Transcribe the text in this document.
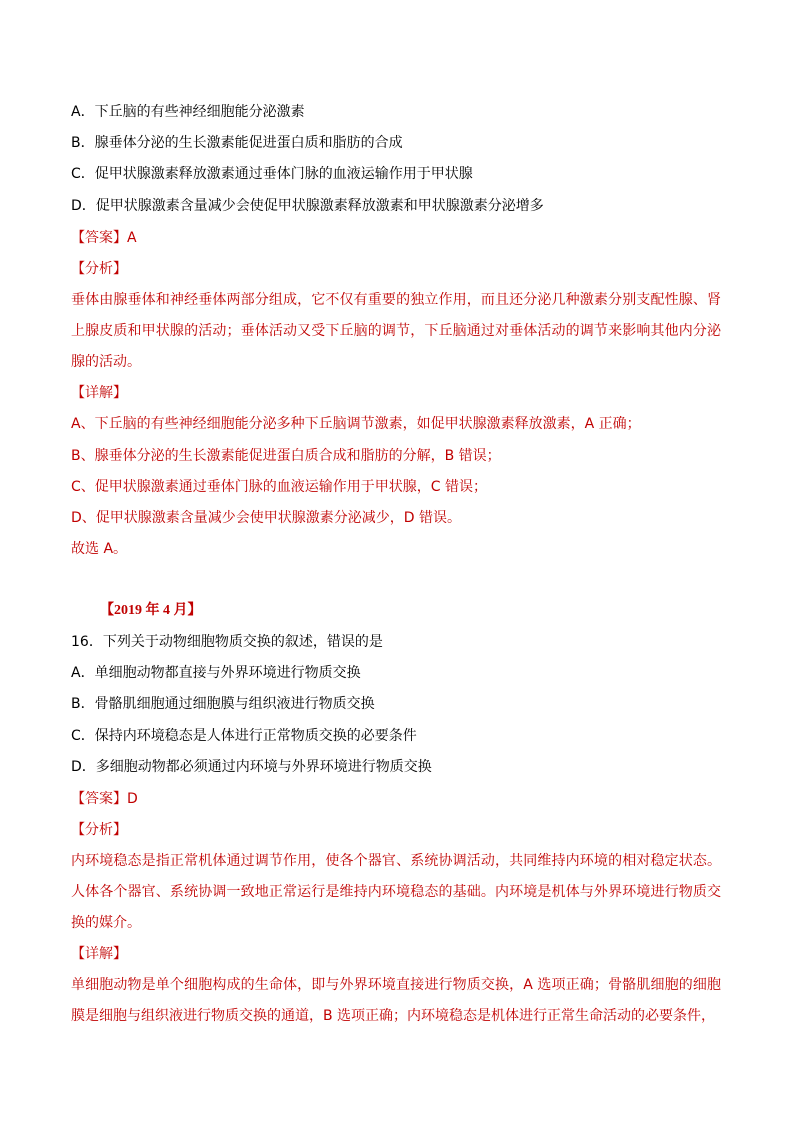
A．下丘脑的有些神经细胞能分泌激素
B．腺垂体分泌的生长激素能促进蛋白质和脂肪的合成
C．促甲状腺激素释放激素通过垂体门脉的血液运输作用于甲状腺
D．促甲状腺激素含量减少会使促甲状腺激素释放激素和甲状腺激素分泌增多
【答案】A
【分析】
垂体由腺垂体和神经垂体两部分组成，它不仅有重要的独立作用，而且还分泌几种激素分别支配性腺、肾上腺皮质和甲状腺的活动；垂体活动又受下丘脑的调节，下丘脑通过对垂体活动的调节来影响其他内分泌腺的活动。
【详解】
A、下丘脑的有些神经细胞能分泌多种下丘脑调节激素，如促甲状腺激素释放激素，A 正确；
B、腺垂体分泌的生长激素能促进蛋白质合成和脂肪的分解，B 错误；
C、促甲状腺激素通过垂体门脉的血液运输作用于甲状腺，C 错误；
D、促甲状腺激素含量减少会使甲状腺激素分泌减少，D 错误。
故选 A。
【2019 年 4 月】
16．下列关于动物细胞物质交换的叙述，错误的是
A．单细胞动物都直接与外界环境进行物质交换
B．骨骼肌细胞通过细胞膜与组织液进行物质交换
C．保持内环境稳态是人体进行正常物质交换的必要条件
D．多细胞动物都必须通过内环境与外界环境进行物质交换
【答案】D
【分析】
内环境稳态是指正常机体通过调节作用，使各个器官、系统协调活动，共同维持内环境的相对稳定状态。人体各个器官、系统协调一致地正常运行是维持内环境稳态的基础。内环境是机体与外界环境进行物质交换的媒介。
【详解】
单细胞动物是单个细胞构成的生命体，即与外界环境直接进行物质交换，A 选项正确；骨骼肌细胞的细胞膜是细胞与组织液进行物质交换的通道，B 选项正确；内环境稳态是机体进行正常生命活动的必要条件，
